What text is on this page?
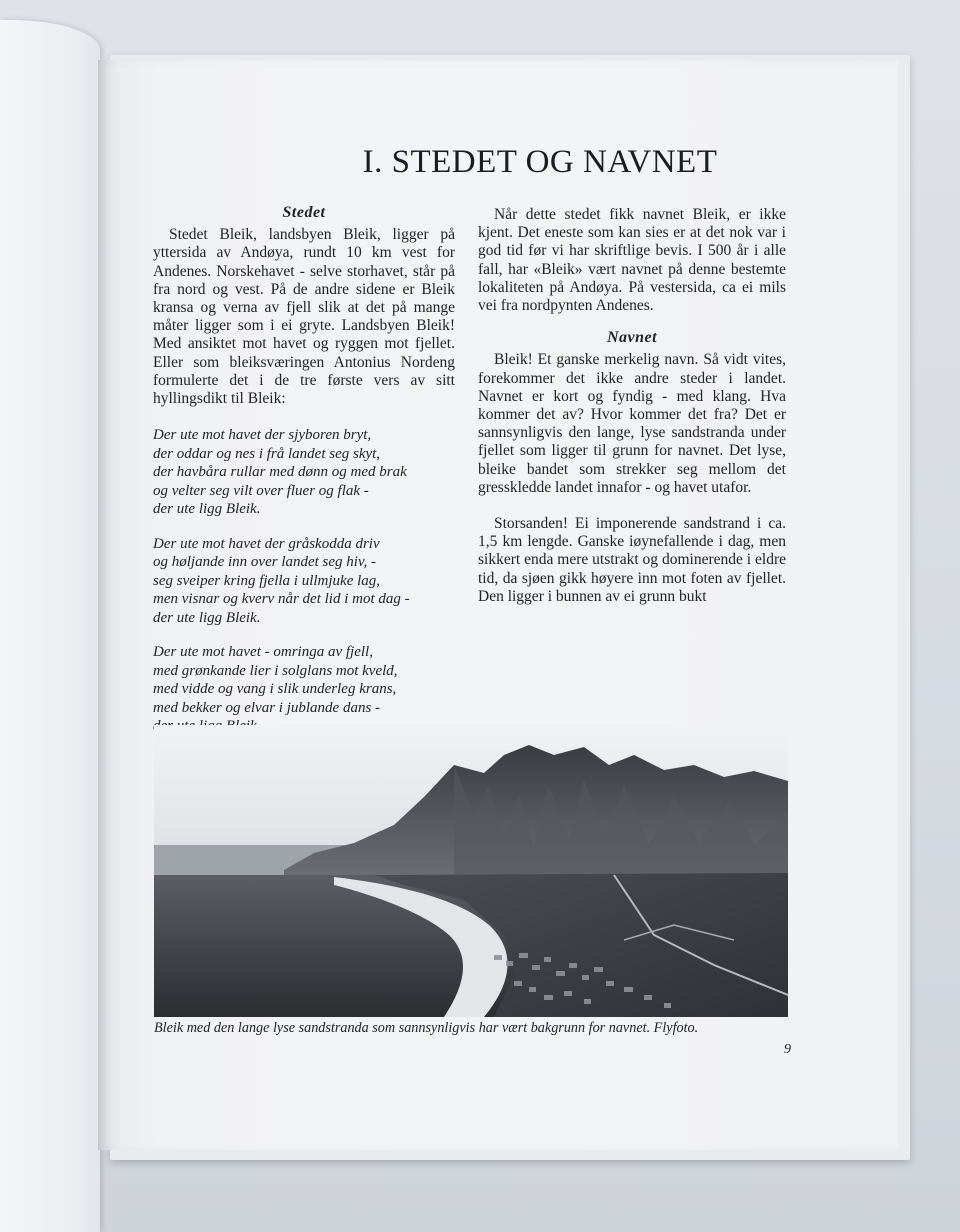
I. STEDET OG NAVNET
Stedet

Stedet Bleik, landsbyen Bleik, ligger på yttersida av Andøya, rundt 10 km vest for Andenes. Norskehavet - selve storhavet, står på fra nord og vest. På de andre sidene er Bleik kransa og verna av fjell slik at det på mange måter ligger som i ei gryte. Landsbyen Bleik! Med ansiktet mot havet og ryggen mot fjellet. Eller som bleiksværingen Antonius Nordeng formulerte det i de tre første vers av sitt hyllingsdikt til Bleik:

Der ute mot havet der sjyboren bryt,
der oddar og nes i frå landet seg skyt,
der havbåra rullar med dønn og med brak
og velter seg vilt over fluer og flak -
der ute ligg Bleik.
Der ute mot havet der gråskodda driv
og høljande inn over landet seg hiv, -
seg sveiper kring fjella i ullmjuke lag,
men visnar og kverv når det lid i mot dag -
der ute ligg Bleik.
Der ute mot havet - omringa av fjell,
med grønkande lier i solglans mot kveld,
med vidde og vang i slik underleg krans,
med bekker og elvar i jublande dans -

Når dette stedet fikk navnet Bleik, er ikke kjent. Det eneste som kan sies er at det nok var i god tid før vi har skriftlige bevis. I 500 år i alle fall, har «Bleik» vært navnet på denne bestemte lokaliteten på Andøya. På vestersida, ca ei mils vei fra nordpynten Andenes.

Navnet

Bleik! Et ganske merkelig navn. Så vidt vites, forekommer det ikke andre steder i landet. Navnet er kort og fyndig - med klang. Hva kommer det av? Hvor kommer det fra? Det er sannsynligvis den lange, lyse sandstranda under fjellet som ligger til grunn for navnet. Det lyse, bleike bandet som strekker seg mellom det gresskledde landet innafor - og havet utafor.

Storsanden! Ei imponerende sandstrand i ca. 1,5 km lengde. Ganske iøynefallende i dag, men sikkert enda mere utstrakt og dominerende i eldre tid, da sjøen gikk høyere inn mot foten av fjellet. Den ligger i bunnen av ei grunn bukt

Bleik med den lange lyse sandstranda som sannsynligvis har vært bakgrunn for navnet. Flyfoto.
9
